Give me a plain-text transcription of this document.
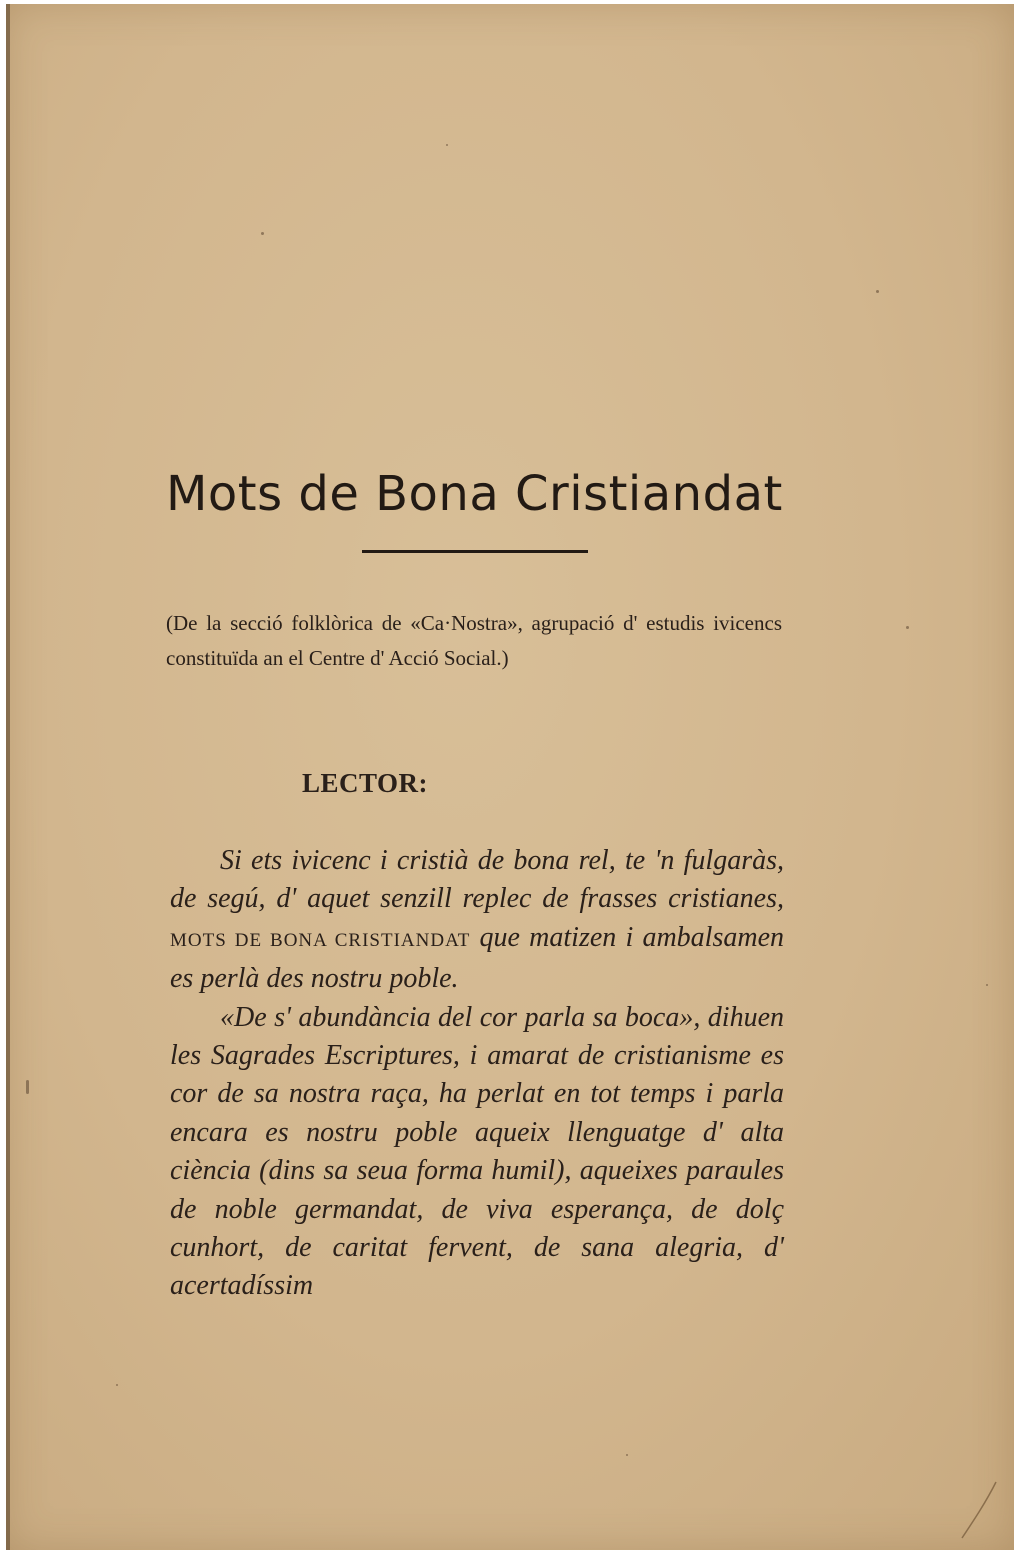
Mots de Bona Cristiandat

(De la secció folklòrica de «Ca·Nostra», agrupació d' estudis ivicencs constituïda an el Centre d' Acció Social.)

LECTOR:

Si ets ivicenc i cristià de bona rel, te 'n fulgaràs, de segú, d' aquet senzill replec de frasses cristianes, MOTS DE BONA CRISTIANDAT que matizen i ambalsamen es perlà des nostru poble.

«De s' abundància del cor parla sa boca», dihuen les Sagrades Escriptures, i amarat de cristianisme es cor de sa nostra raça, ha perlat en tot temps i parla encara es nostru poble aqueix llenguatge d' alta ciència (dins sa seua forma humil), aqueixes paraules de noble germandat, de viva esperança, de dolç cunhort, de caritat fervent, de sana alegria, d' acertadíssim
